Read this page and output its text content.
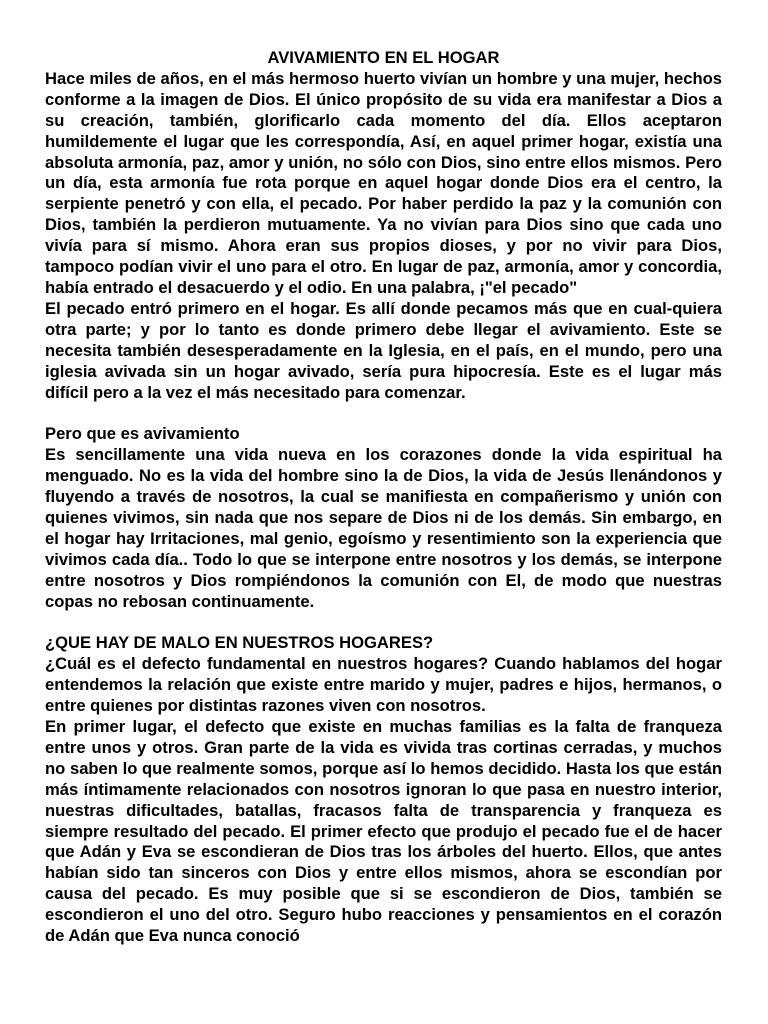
AVIVAMIENTO EN EL HOGAR

Hace miles de años, en el más hermoso huerto vivían un hombre y una mujer, hechos conforme a la imagen de Dios. El único propósito de su vida era manifestar a Dios a su creación, también, glorificarlo cada momento del día. Ellos aceptaron humildemente el lugar que les correspondía, Así, en aquel primer hogar, existía una absoluta armonía, paz, amor y unión, no sólo con Dios, sino entre ellos mismos. Pero un día, esta armonía fue rota porque en aquel hogar donde Dios era el centro, la serpiente penetró y con ella, el pecado. Por haber perdido la paz y la comunión con Dios, también la perdieron mutuamente. Ya no vivían para Dios sino que cada uno vivía para sí mismo. Ahora eran sus propios dioses, y por no vivir para Dios, tampoco podían vivir el uno para el otro. En lugar de paz, armonía, amor y concordia, había entrado el desacuerdo y el odio. En una palabra, ¡"el pecado"

El pecado entró primero en el hogar. Es allí donde pecamos más que en cual-quiera otra parte; y por lo tanto es donde primero debe llegar el avivamiento. Este se necesita también desesperadamente en la Iglesia, en el país, en el mundo, pero una iglesia avivada sin un hogar avivado, sería pura hipocresía. Este es el lugar más difícil pero a la vez el más necesitado para comenzar.

Pero que es avivamiento

Es sencillamente una vida nueva en los corazones donde la vida espiritual ha menguado. No es la vida del hombre sino la de Dios, la vida de Jesús llenándonos y fluyendo a través de nosotros, la cual se manifiesta en compañerismo y unión con quienes vivimos, sin nada que nos separe de Dios ni de los demás. Sin embargo, en el hogar hay Irritaciones, mal genio, egoísmo y resentimiento son la experiencia que vivimos cada día.. Todo lo que se interpone entre nosotros y los demás, se interpone entre nosotros y Dios rompiéndonos la comunión con El, de modo que nuestras copas no rebosan continuamente.

¿QUE HAY DE MALO EN NUESTROS HOGARES?

¿Cuál es el defecto fundamental en nuestros hogares? Cuando hablamos del hogar entendemos la relación que existe entre marido y mujer, padres e hijos, hermanos, o entre quienes por distintas razones viven con nosotros.

En primer lugar, el defecto que existe en muchas familias es la falta de franqueza entre unos y otros. Gran parte de la vida es vivida tras cortinas cerradas, y muchos no saben lo que realmente somos, porque así lo hemos decidido. Hasta los que están más íntimamente relacionados con nosotros ignoran lo que pasa en nuestro interior, nuestras dificultades, batallas, fracasos falta de transparencia y franqueza es siempre resultado del pecado. El primer efecto que produjo el pecado fue el de hacer que Adán y Eva se escondieran de Dios tras los árboles del huerto. Ellos, que antes habían sido tan sinceros con Dios y entre ellos mismos, ahora se escondían por causa del pecado. Es muy posible que si se escondieron de Dios, también se escondieron el uno del otro. Seguro hubo reacciones y pensamientos en el corazón de Adán que Eva nunca conoció
